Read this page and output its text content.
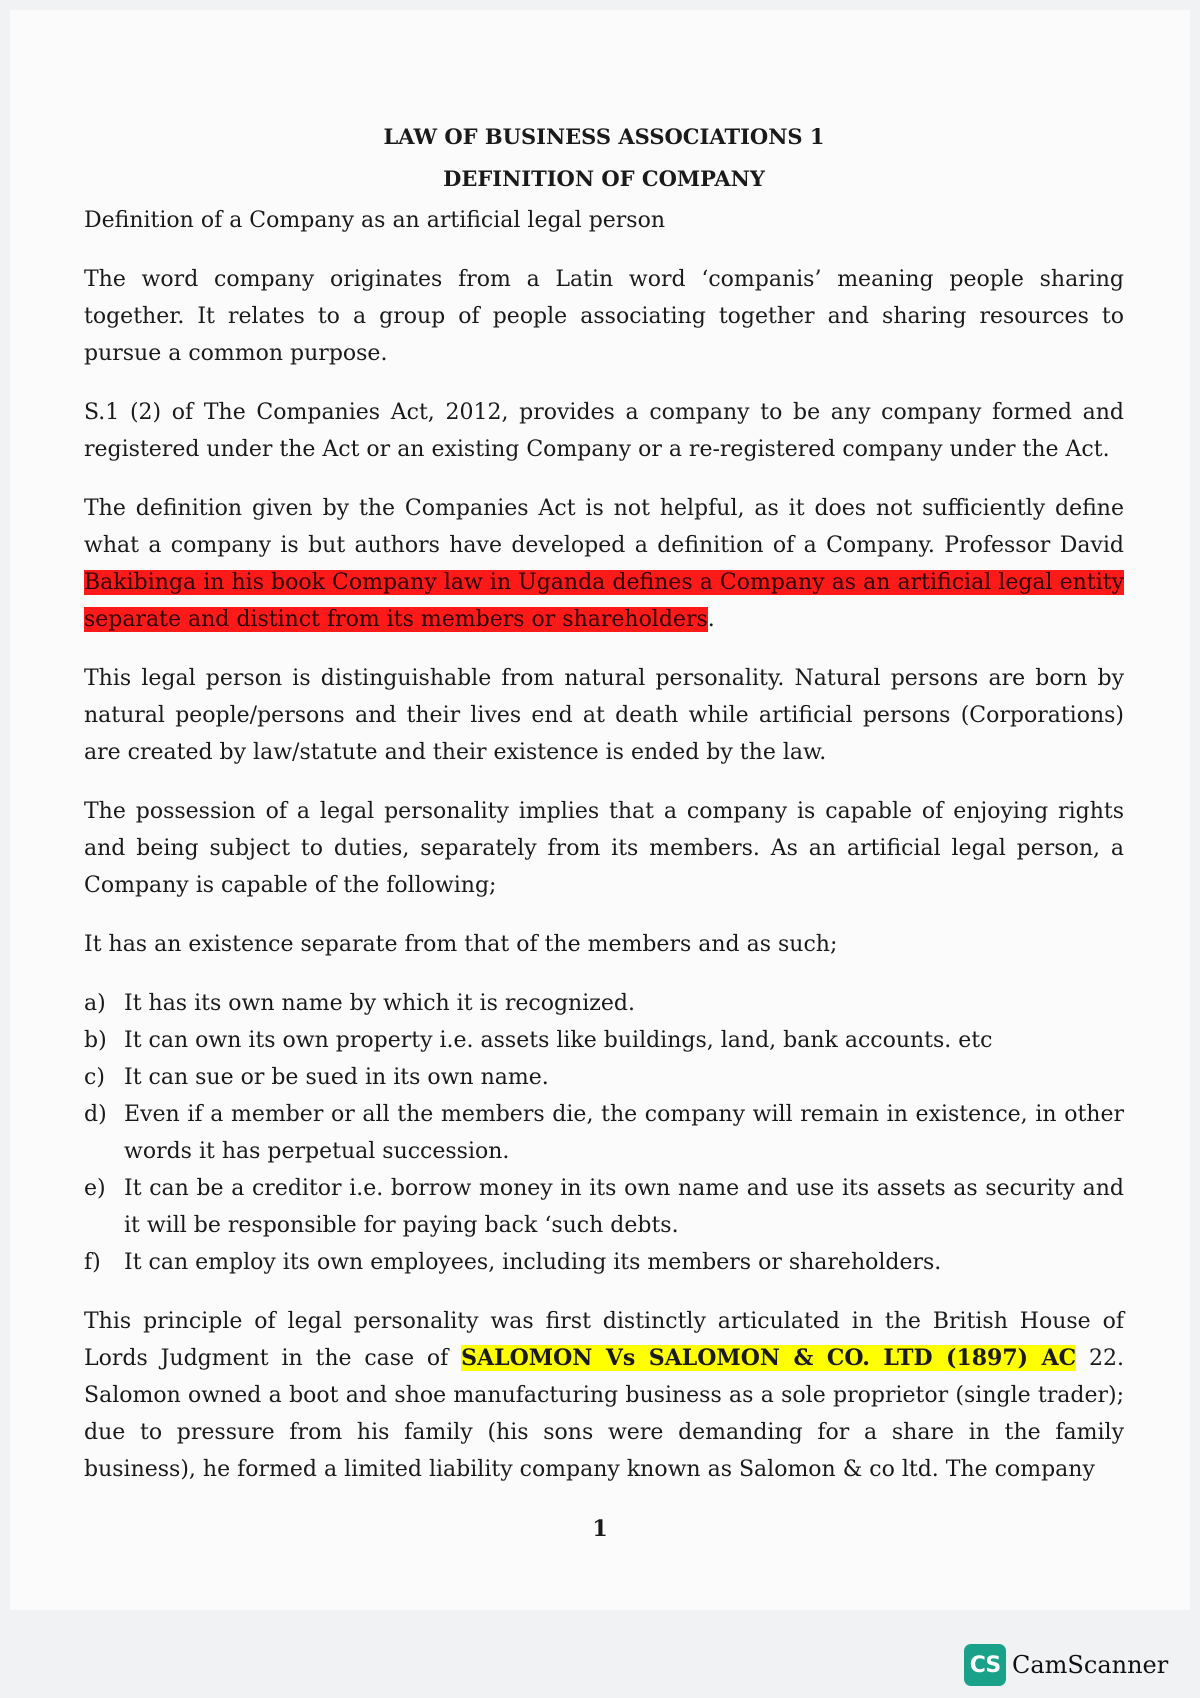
LAW OF BUSINESS ASSOCIATIONS 1
DEFINITION OF COMPANY

Definition of a Company as an artificial legal person

The word company originates from a Latin word ‘companis’ meaning people sharing together. It relates to a group of people associating together and sharing resources to pursue a common purpose.

S.1 (2) of The Companies Act, 2012, provides a company to be any company formed and registered under the Act or an existing Company or a re-registered company under the Act.

The definition given by the Companies Act is not helpful, as it does not sufficiently define what a company is but authors have developed a definition of a Company. Professor David Bakibinga in his book Company law in Uganda defines a Company as an artificial legal entity separate and distinct from its members or shareholders.

This legal person is distinguishable from natural personality. Natural persons are born by natural people/persons and their lives end at death while artificial persons (Corporations) are created by law/statute and their existence is ended by the law.

The possession of a legal personality implies that a company is capable of enjoying rights and being subject to duties, separately from its members. As an artificial legal person, a Company is capable of the following;

It has an existence separate from that of the members and as such;

a) It has its own name by which it is recognized.
b) It can own its own property i.e. assets like buildings, land, bank accounts. etc
c) It can sue or be sued in its own name.
d) Even if a member or all the members die, the company will remain in existence, in other words it has perpetual succession.
e) It can be a creditor i.e. borrow money in its own name and use its assets as security and it will be responsible for paying back ‘such debts.
f)	It can employ its own employees, including its members or shareholders.

This principle of legal personality was first distinctly articulated in the British House of Lords Judgment in the case of SALOMON Vs SALOMON & CO. LTD (1897) AC 22. Salomon owned a boot and shoe manufacturing business as a sole proprietor (single trader); due to pressure from his family (his sons were demanding for a share in the family business), he formed a limited liability company known as Salomon & co ltd. The company

1
CS CamScanner
